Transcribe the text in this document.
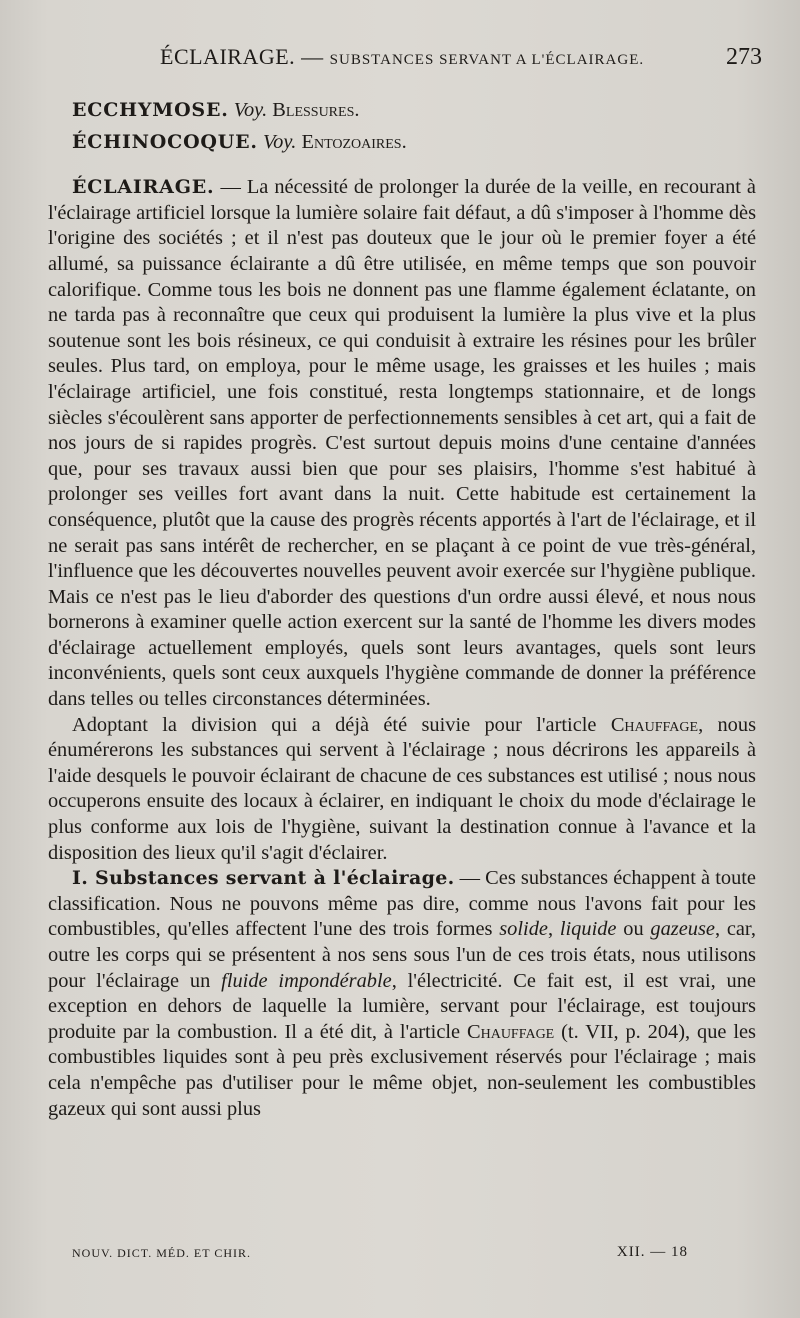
ÉCLAIRAGE. — SUBSTANCES SERVANT A L'ÉCLAIRAGE.	273

ECCHYMOSE. Voy. Blessures.

ÉCHINOCOQUE. Voy. Entozoaires.

ÉCLAIRAGE. — La nécessité de prolonger la durée de la veille, en recourant à l'éclairage artificiel lorsque la lumière solaire fait défaut, a dû s'imposer à l'homme dès l'origine des sociétés ; et il n'est pas douteux que le jour où le premier foyer a été allumé, sa puissance éclairante a dû être utilisée, en même temps que son pouvoir calorifique. Comme tous les bois ne donnent pas une flamme également éclatante, on ne tarda pas à reconnaître que ceux qui produisent la lumière la plus vive et la plus soutenue sont les bois résineux, ce qui conduisit à extraire les résines pour les brûler seules. Plus tard, on employa, pour le même usage, les graisses et les huiles ; mais l'éclairage artificiel, une fois constitué, resta longtemps stationnaire, et de longs siècles s'écoulèrent sans apporter de perfectionnements sensibles à cet art, qui a fait de nos jours de si rapides progrès. C'est surtout depuis moins d'une centaine d'années que, pour ses travaux aussi bien que pour ses plaisirs, l'homme s'est habitué à prolonger ses veilles fort avant dans la nuit. Cette habitude est certainement la conséquence, plutôt que la cause des progrès récents apportés à l'art de l'éclairage, et il ne serait pas sans intérêt de rechercher, en se plaçant à ce point de vue très-général, l'influence que les découvertes nouvelles peuvent avoir exercée sur l'hygiène publique. Mais ce n'est pas le lieu d'aborder des questions d'un ordre aussi élevé, et nous nous bornerons à examiner quelle action exercent sur la santé de l'homme les divers modes d'éclairage actuellement employés, quels sont leurs avantages, quels sont leurs inconvénients, quels sont ceux auxquels l'hygiène commande de donner la préférence dans telles ou telles circonstances déterminées.

Adoptant la division qui a déjà été suivie pour l'article Chauffage, nous énumérerons les substances qui servent à l'éclairage ; nous décrirons les appareils à l'aide desquels le pouvoir éclairant de chacune de ces substances est utilisé ; nous nous occuperons ensuite des locaux à éclairer, en indiquant le choix du mode d'éclairage le plus conforme aux lois de l'hygiène, suivant la destination connue à l'avance et la disposition des lieux qu'il s'agit d'éclairer.

I. Substances servant à l'éclairage. — Ces substances échappent à toute classification. Nous ne pouvons même pas dire, comme nous l'avons fait pour les combustibles, qu'elles affectent l'une des trois formes solide, liquide ou gazeuse, car, outre les corps qui se présentent à nos sens sous l'un de ces trois états, nous utilisons pour l'éclairage un fluide impondérable, l'électricité. Ce fait est, il est vrai, une exception en dehors de laquelle la lumière, servant pour l'éclairage, est toujours produite par la combustion. Il a été dit, à l'article Chauffage (t. VII, p. 204), que les combustibles liquides sont à peu près exclusivement réservés pour l'éclairage ; mais cela n'empêche pas d'utiliser pour le même objet, non-seulement les combustibles gazeux qui sont aussi plus

NOUV. DICT. MÉD. ET CHIR.	XII. — 18
